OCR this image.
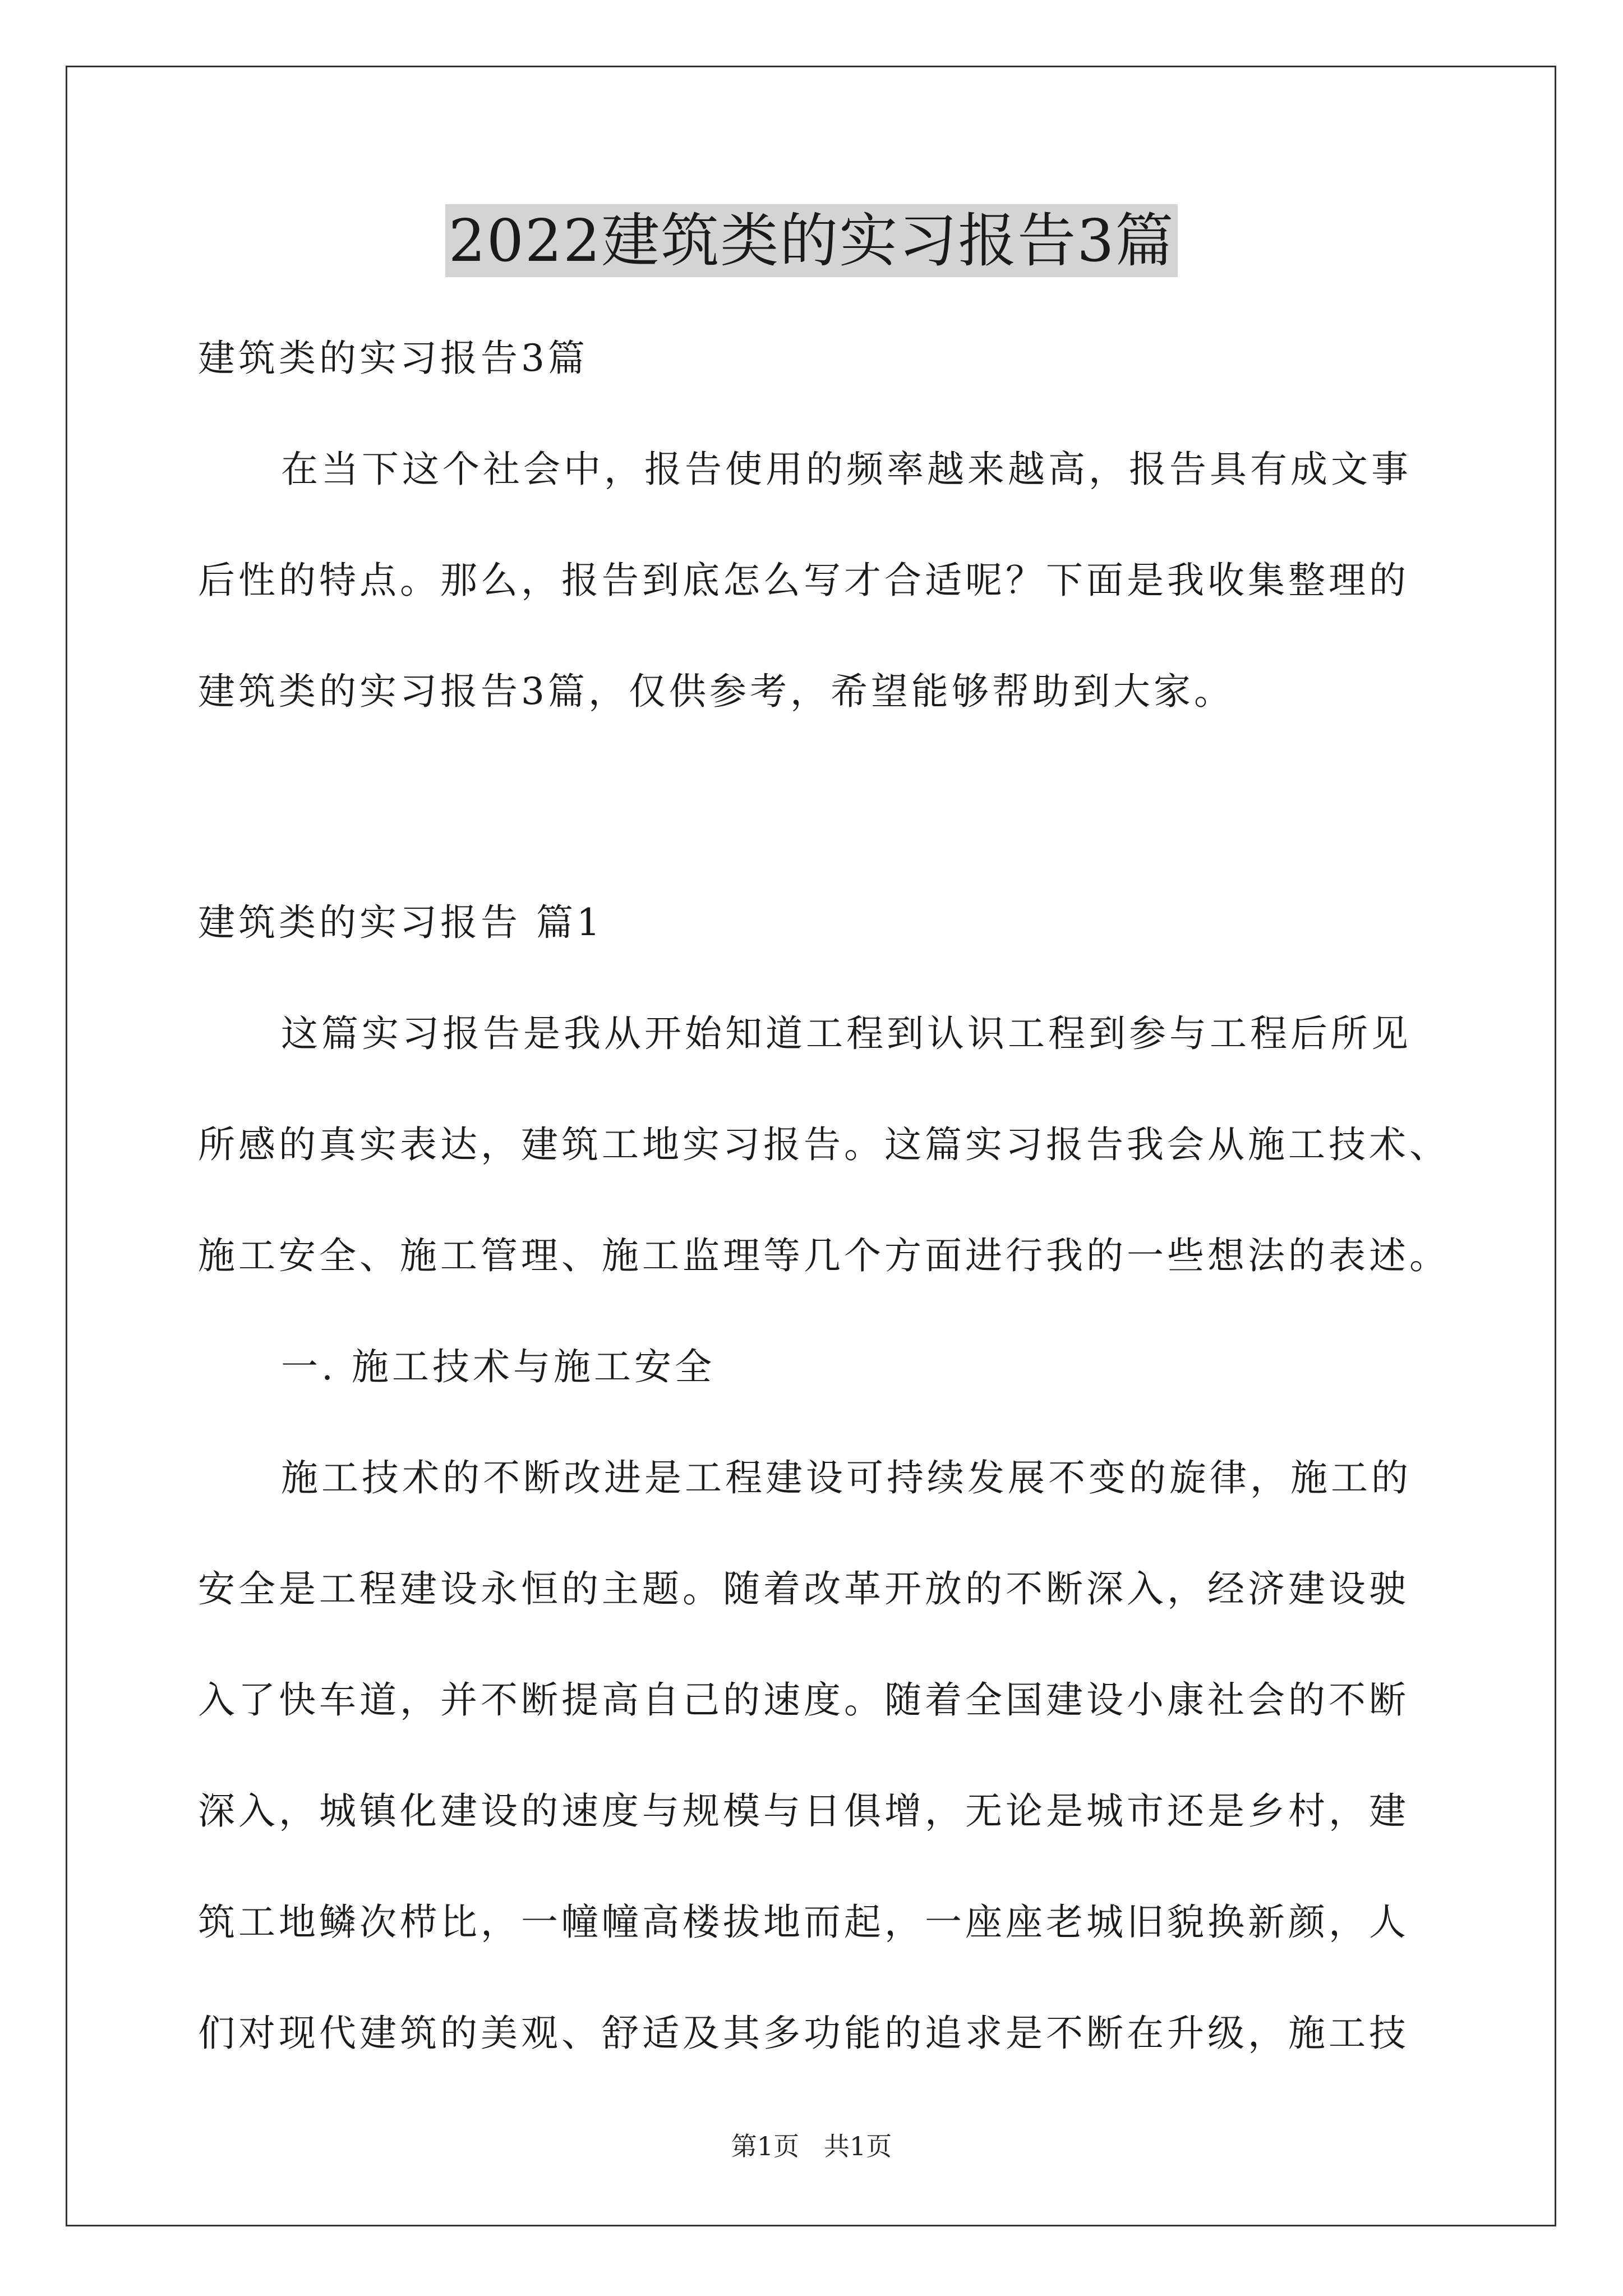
2022建筑类的实习报告3篇
建筑类的实习报告3篇
在当下这个社会中，报告使用的频率越来越高，报告具有成文事
后性的特点。那么，报告到底怎么写才合适呢？下面是我收集整理的
建筑类的实习报告3篇，仅供参考，希望能够帮助到大家。
建筑类的实习报告 篇1
这篇实习报告是我从开始知道工程到认识工程到参与工程后所见
所感的真实表达，建筑工地实习报告。这篇实习报告我会从施工技术、
施工安全、施工管理、施工监理等几个方面进行我的一些想法的表述。
一. 施工技术与施工安全
施工技术的不断改进是工程建设可持续发展不变的旋律，施工的
安全是工程建设永恒的主题。随着改革开放的不断深入，经济建设驶
入了快车道，并不断提高自己的速度。随着全国建设小康社会的不断
深入，城镇化建设的速度与规模与日俱增，无论是城市还是乡村，建
筑工地鳞次栉比，一幢幢高楼拔地而起，一座座老城旧貌换新颜，人
们对现代建筑的美观、舒适及其多功能的追求是不断在升级，施工技
第1页   共1页
